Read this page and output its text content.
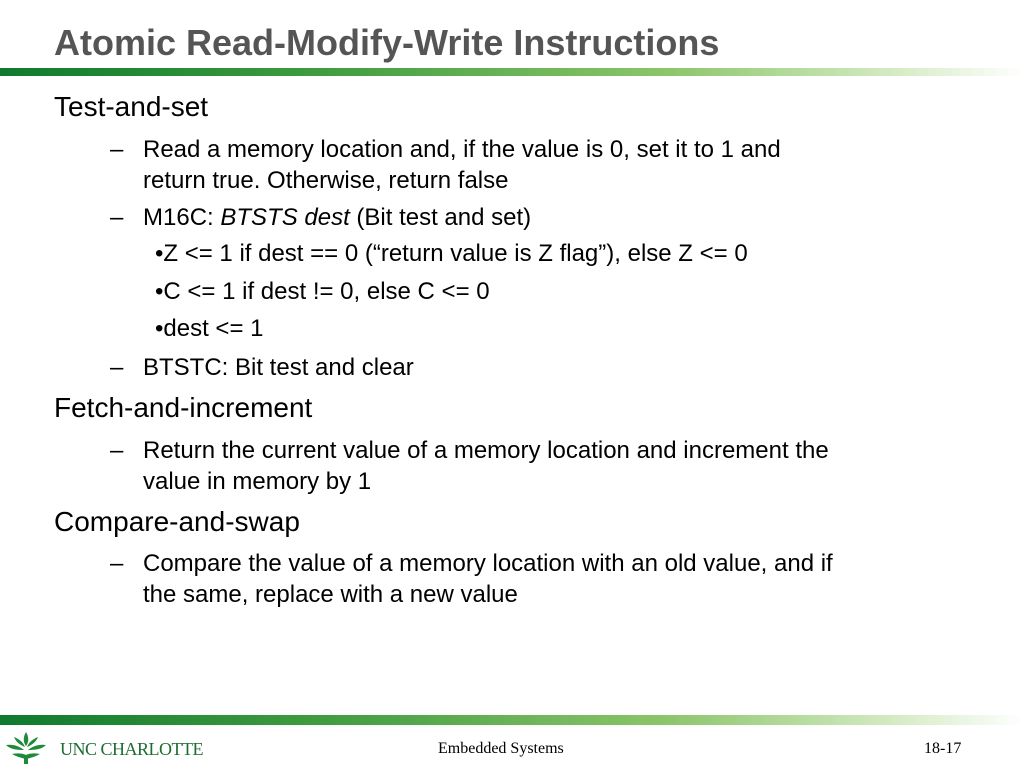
Atomic Read-Modify-Write Instructions
Test-and-set
– Read a memory location and, if the value is 0, set it to 1 and
return true. Otherwise, return false
– M16C: BTSTS dest (Bit test and set)
•Z <= 1 if dest == 0 (“return value is Z flag”), else Z <= 0
•C <= 1 if dest != 0, else C <= 0
•dest <= 1
– BTSTC: Bit test and clear
Fetch-and-increment
– Return the current value of a memory location and increment the
value in memory by 1
Compare-and-swap
– Compare the value of a memory location with an old value, and if
the same, replace with a new value
UNC CHARLOTTE	Embedded Systems	18-17
